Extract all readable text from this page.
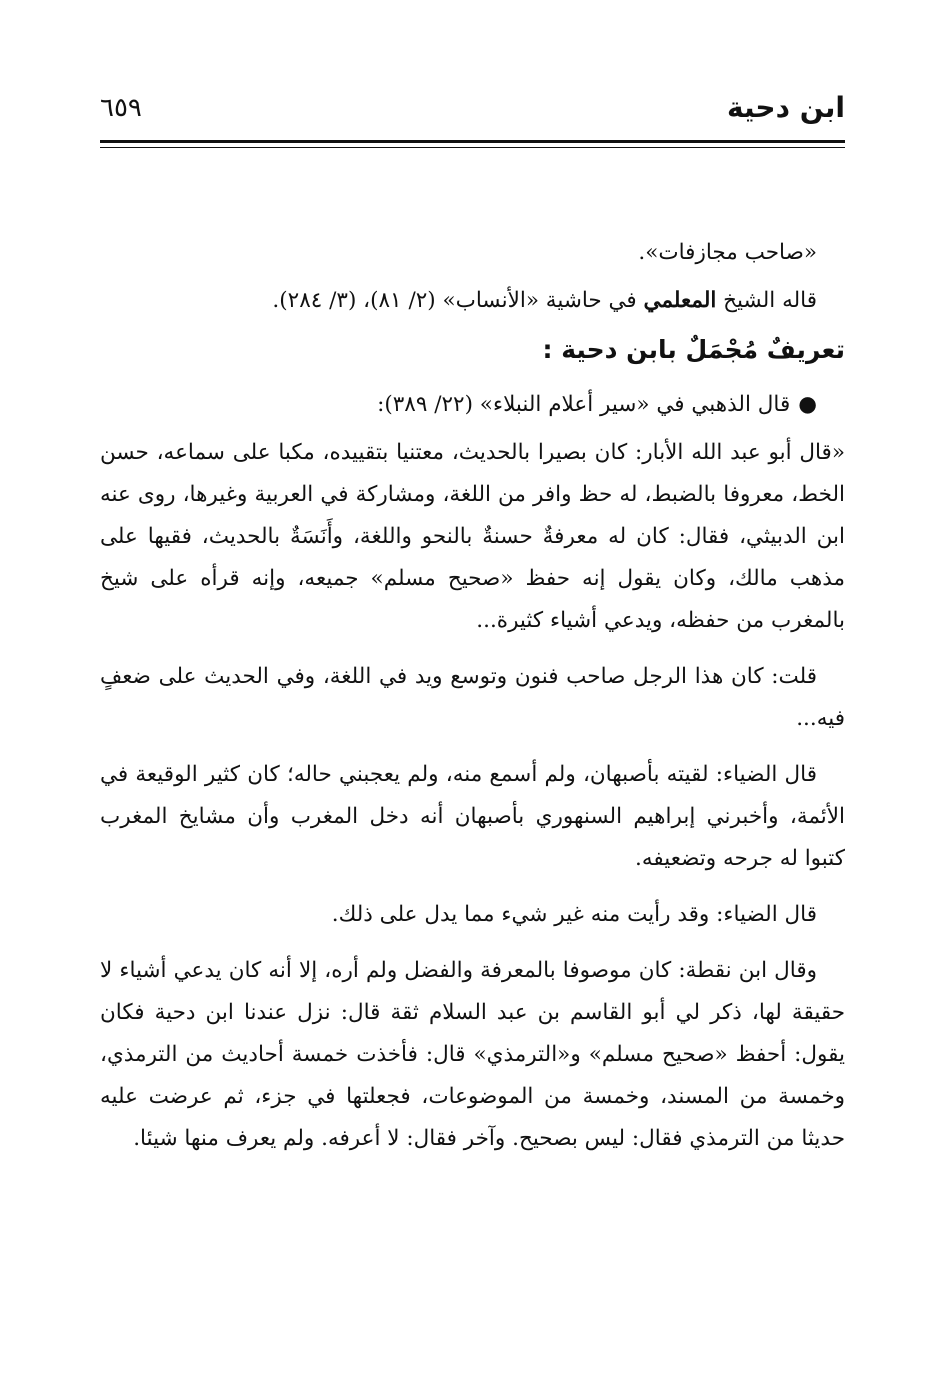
ابن دحية
٦٥٩

«صاحب مجازفات».

قاله الشيخ المعلمي في حاشية «الأنساب» (٢/ ٨١)، (٣/ ٢٨٤).

تعريفٌ مُجْمَلٌ بابن دحية :

●قال الذهبي في «سير أعلام النبلاء» (٢٢/ ٣٨٩):

«قال أبو عبد الله الأبار: كان بصيرا بالحديث، معتنيا بتقييده، مكبا على سماعه، حسن الخط، معروفا بالضبط، له حظ وافر من اللغة، ومشاركة في العربية وغيرها، روى عنه ابن الدبيثي، فقال: كان له معرفةٌ حسنةٌ بالنحو واللغة، وأَنَسَةٌ بالحديث، فقيها على مذهب مالك، وكان يقول إنه حفظ «صحيح مسلم» جميعه، وإنه قرأه على شيخ بالمغرب من حفظه، ويدعي أشياء كثيرة...

قلت: كان هذا الرجل صاحب فنون وتوسع ويد في اللغة، وفي الحديث على ضعفٍ فيه...

قال الضياء: لقيته بأصبهان، ولم أسمع منه، ولم يعجبني حاله؛ كان كثير الوقيعة في الأئمة، وأخبرني إبراهيم السنهوري بأصبهان أنه دخل المغرب وأن مشايخ المغرب كتبوا له جرحه وتضعيفه.

قال الضياء: وقد رأيت منه غير شيء مما يدل على ذلك.

وقال ابن نقطة: كان موصوفا بالمعرفة والفضل ولم أره، إلا أنه كان يدعي أشياء لا حقيقة لها، ذكر لي أبو القاسم بن عبد السلام ثقة قال: نزل عندنا ابن دحية فكان يقول: أحفظ «صحيح مسلم» و«الترمذي» قال: فأخذت خمسة أحاديث من الترمذي، وخمسة من المسند، وخمسة من الموضوعات، فجعلتها في جزء، ثم عرضت عليه حديثا من الترمذي فقال: ليس بصحيح. وآخر فقال: لا أعرفه. ولم يعرف منها شيئا.
